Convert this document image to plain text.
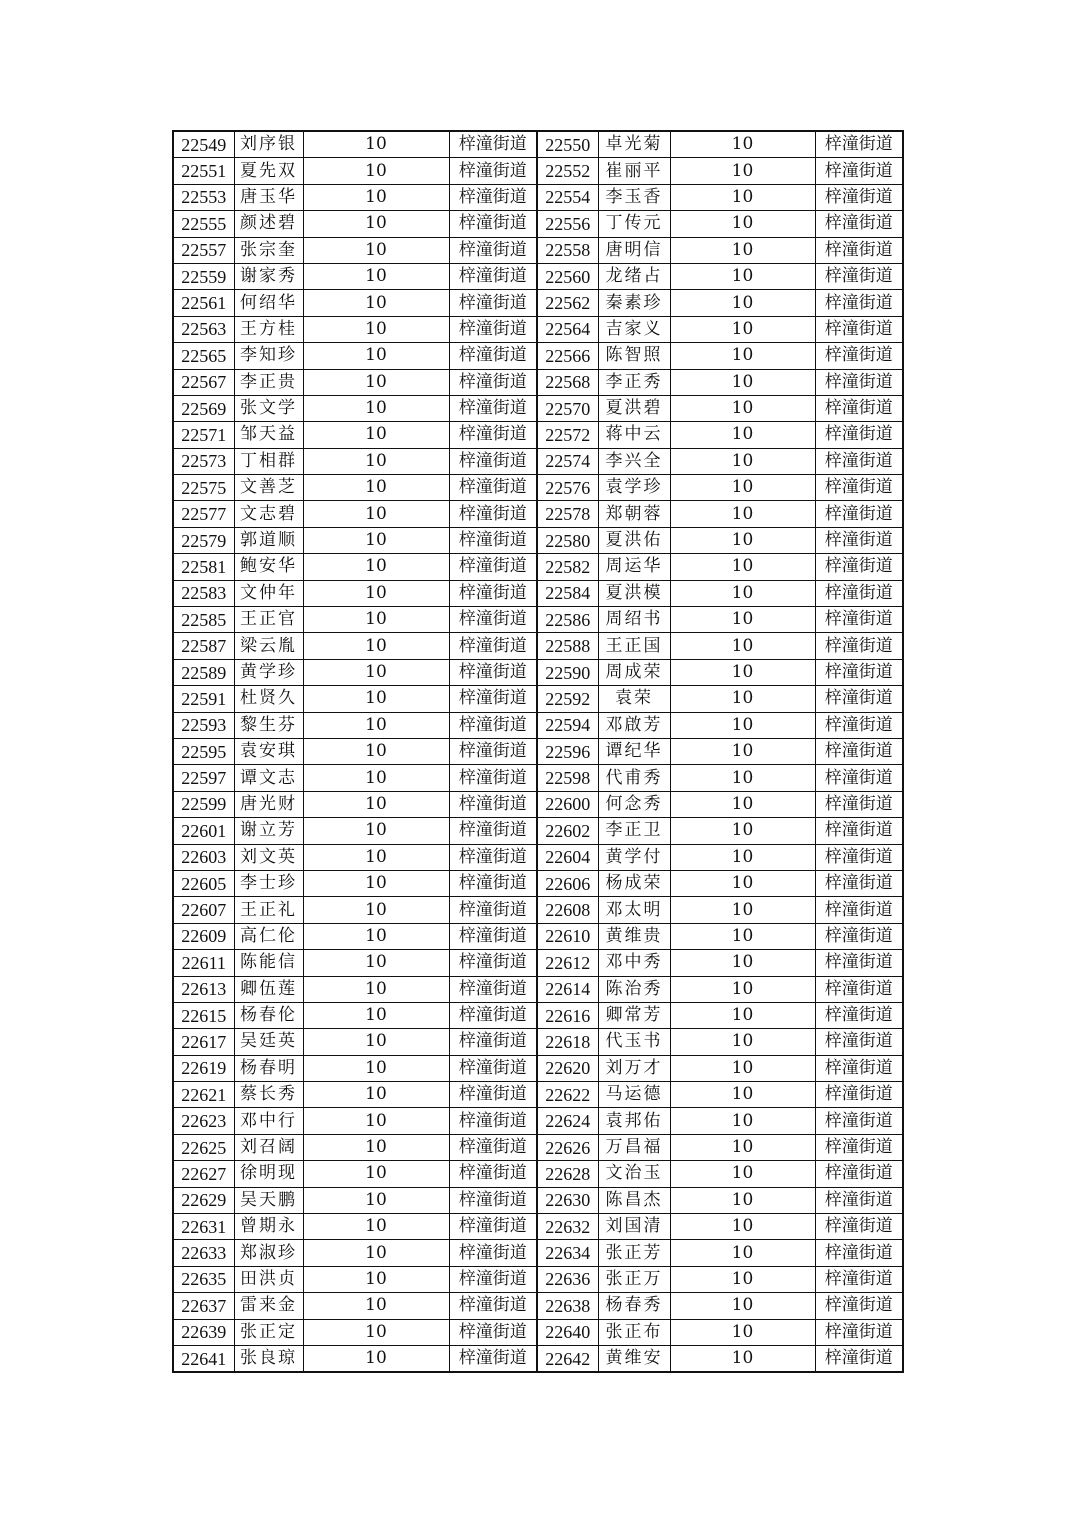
22549	刘序银	10	梓潼街道	22550	卓光菊	10	梓潼街道
22551	夏先双	10	梓潼街道	22552	崔丽平	10	梓潼街道
22553	唐玉华	10	梓潼街道	22554	李玉香	10	梓潼街道
22555	颜述碧	10	梓潼街道	22556	丁传元	10	梓潼街道
22557	张宗奎	10	梓潼街道	22558	唐明信	10	梓潼街道
22559	谢家秀	10	梓潼街道	22560	龙绪占	10	梓潼街道
22561	何绍华	10	梓潼街道	22562	秦素珍	10	梓潼街道
22563	王方桂	10	梓潼街道	22564	吉家义	10	梓潼街道
22565	李知珍	10	梓潼街道	22566	陈智照	10	梓潼街道
22567	李正贵	10	梓潼街道	22568	李正秀	10	梓潼街道
22569	张文学	10	梓潼街道	22570	夏洪碧	10	梓潼街道
22571	邹天益	10	梓潼街道	22572	蒋中云	10	梓潼街道
22573	丁相群	10	梓潼街道	22574	李兴全	10	梓潼街道
22575	文善芝	10	梓潼街道	22576	袁学珍	10	梓潼街道
22577	文志碧	10	梓潼街道	22578	郑朝蓉	10	梓潼街道
22579	郭道顺	10	梓潼街道	22580	夏洪佑	10	梓潼街道
22581	鲍安华	10	梓潼街道	22582	周运华	10	梓潼街道
22583	文仲年	10	梓潼街道	22584	夏洪模	10	梓潼街道
22585	王正官	10	梓潼街道	22586	周绍书	10	梓潼街道
22587	梁云胤	10	梓潼街道	22588	王正国	10	梓潼街道
22589	黄学珍	10	梓潼街道	22590	周成荣	10	梓潼街道
22591	杜贤久	10	梓潼街道	22592	袁荣	10	梓潼街道
22593	黎生芬	10	梓潼街道	22594	邓啟芳	10	梓潼街道
22595	袁安琪	10	梓潼街道	22596	谭纪华	10	梓潼街道
22597	谭文志	10	梓潼街道	22598	代甫秀	10	梓潼街道
22599	唐光财	10	梓潼街道	22600	何念秀	10	梓潼街道
22601	谢立芳	10	梓潼街道	22602	李正卫	10	梓潼街道
22603	刘文英	10	梓潼街道	22604	黄学付	10	梓潼街道
22605	李士珍	10	梓潼街道	22606	杨成荣	10	梓潼街道
22607	王正礼	10	梓潼街道	22608	邓太明	10	梓潼街道
22609	高仁伦	10	梓潼街道	22610	黄维贵	10	梓潼街道
22611	陈能信	10	梓潼街道	22612	邓中秀	10	梓潼街道
22613	卿伍莲	10	梓潼街道	22614	陈治秀	10	梓潼街道
22615	杨春伦	10	梓潼街道	22616	卿常芳	10	梓潼街道
22617	吴廷英	10	梓潼街道	22618	代玉书	10	梓潼街道
22619	杨春明	10	梓潼街道	22620	刘万才	10	梓潼街道
22621	蔡长秀	10	梓潼街道	22622	马运德	10	梓潼街道
22623	邓中行	10	梓潼街道	22624	袁邦佑	10	梓潼街道
22625	刘召阔	10	梓潼街道	22626	万昌福	10	梓潼街道
22627	徐明现	10	梓潼街道	22628	文治玉	10	梓潼街道
22629	吴天鹏	10	梓潼街道	22630	陈昌杰	10	梓潼街道
22631	曾期永	10	梓潼街道	22632	刘国清	10	梓潼街道
22633	郑淑珍	10	梓潼街道	22634	张正芳	10	梓潼街道
22635	田洪贞	10	梓潼街道	22636	张正万	10	梓潼街道
22637	雷来金	10	梓潼街道	22638	杨春秀	10	梓潼街道
22639	张正定	10	梓潼街道	22640	张正布	10	梓潼街道
22641	张良琼	10	梓潼街道	22642	黄维安	10	梓潼街道
